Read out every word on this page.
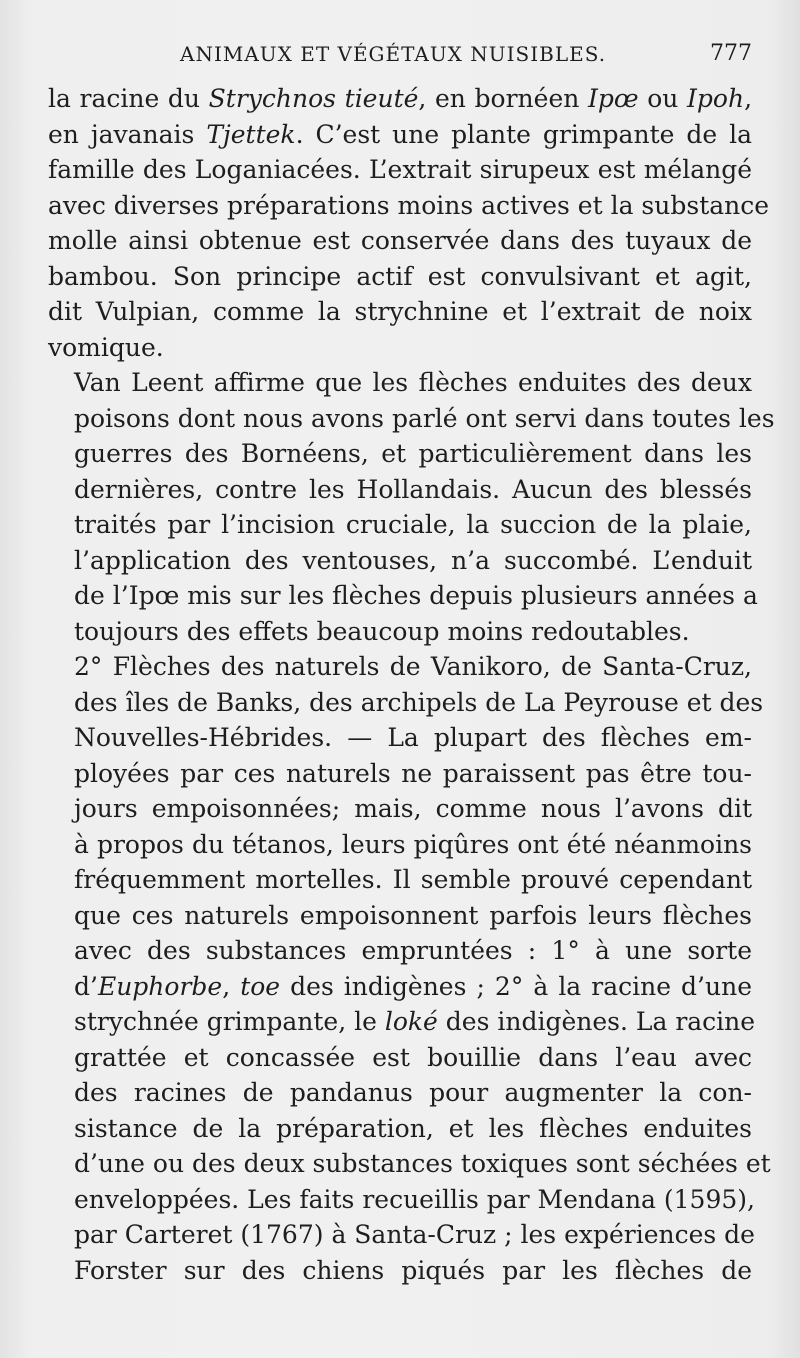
ANIMAUX ET VÉGÉTAUX NUISIBLES.	777

la racine du Strychnos tieuté, en bornéen Ipœ ou Ipoh,
en javanais Tjettek. C’est une plante grimpante de la
famille des Loganiacées. L’extrait sirupeux est mélangé
avec diverses préparations moins actives et la substance
molle ainsi obtenue est conservée dans des tuyaux de
bambou. Son principe actif est convulsivant et agit,
dit Vulpian, comme la strychnine et l’extrait de noix
vomique.

Van Leent affirme que les flèches enduites des deux
poisons dont nous avons parlé ont servi dans toutes les
guerres des Bornéens, et particulièrement dans les
dernières, contre les Hollandais. Aucun des blessés
traités par l’incision cruciale, la succion de la plaie,
l’application des ventouses, n’a succombé. L’enduit
de l’Ipœ mis sur les flèches depuis plusieurs années a
toujours des effets beaucoup moins redoutables.

2° Flèches des naturels de Vanikoro, de Santa-Cruz,
des îles de Banks, des archipels de La Peyrouse et des
Nouvelles-Hébrides. — La plupart des flèches em-
ployées par ces naturels ne paraissent pas être tou-
jours empoisonnées; mais, comme nous l’avons dit
à propos du tétanos, leurs piqûres ont été néanmoins
fréquemment mortelles. Il semble prouvé cependant
que ces naturels empoisonnent parfois leurs flèches
avec des substances empruntées : 1° à une sorte
d’Euphorbe, toe des indigènes ; 2° à la racine d’une
strychnée grimpante, le loké des indigènes. La racine
grattée et concassée est bouillie dans l’eau avec
des racines de pandanus pour augmenter la con-
sistance de la préparation, et les flèches enduites
d’une ou des deux substances toxiques sont séchées et
enveloppées. Les faits recueillis par Mendana (1595),
par Carteret (1767) à Santa-Cruz ; les expériences de
Forster sur des chiens piqués par les flèches de
